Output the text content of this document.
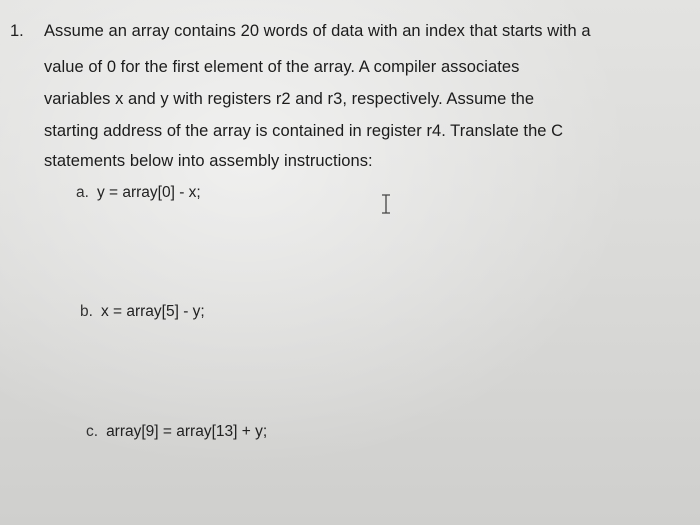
1. Assume an array contains 20 words of data with an index that starts with a
value of 0 for the first element of the array. A compiler associates
variables x and y with registers r2 and r3, respectively. Assume the
starting address of the array is contained in register r4. Translate the C
statements below into assembly instructions:
a. y = array[0] - x;
b. x = array[5] - y;
c. array[9] = array[13] + y;
